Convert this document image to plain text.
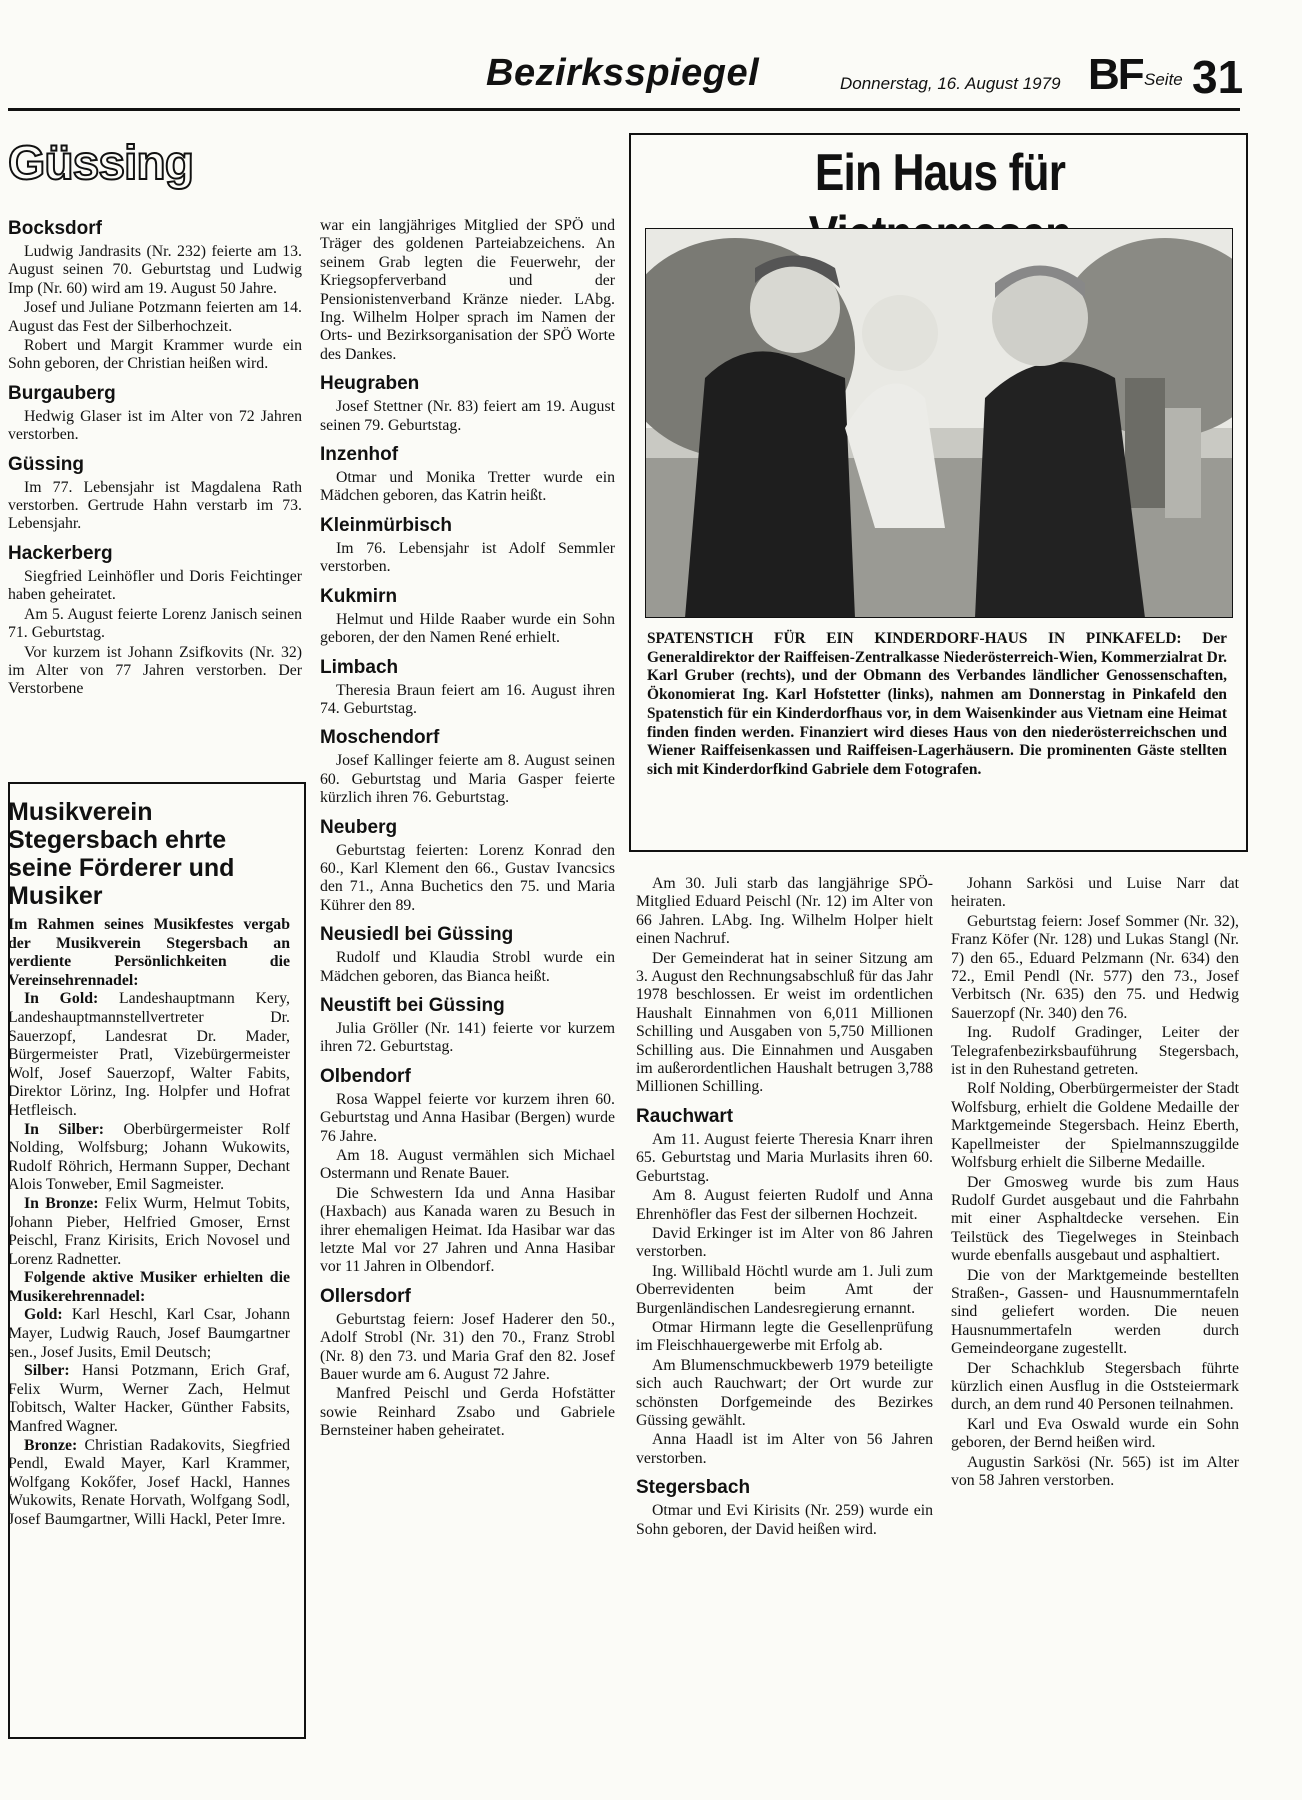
Bezirksspiegel	Donnerstag, 16. August 1979 BF Seite 31
Güssing
Bocksdorf

Ludwig Jandrasits (Nr. 232) feierte am 13. August seinen 70. Geburtstag und Ludwig Imp (Nr. 60) wird am 19. August 50 Jahre.

Josef und Juliane Potzmann feierten am 14. August das Fest der Silberhochzeit.

Robert und Margit Krammer wurde ein Sohn geboren, der Christian heißen wird.

Burgauberg

Hedwig Glaser ist im Alter von 72 Jahren verstorben.

Güssing

Im 77. Lebensjahr ist Magdalena Rath verstorben. Gertrude Hahn verstarb im 73. Lebensjahr.

Hackerberg

Siegfried Leinhöfler und Doris Feichtinger haben geheiratet.

Am 5. August feierte Lorenz Janisch seinen 71. Geburtstag.

Vor kurzem ist Johann Zsifkovits (Nr. 32) im Alter von 77 Jahren verstorben. Der Verstorbene

Musikverein Stegersbach ehrte seine Förderer und Musiker

Im Rahmen seines Musikfestes vergab der Musikverein Stegersbach an verdiente Persönlichkeiten die Vereinsehrennadel:

In Gold: Landeshauptmann Kery, Landeshauptmannstellvertreter Dr. Sauerzopf, Landesrat Dr. Mader, Bürgermeister Pratl, Vizebürgermeister Wolf, Josef Sauerzopf, Walter Fabits, Direktor Lörinz, Ing. Holpfer und Hofrat Hetfleisch.

In Silber: Oberbürgermeister Rolf Nolding, Wolfsburg; Johann Wukowits, Rudolf Röhrich, Hermann Supper, Dechant Alois Tonweber, Emil Sagmeister.

In Bronze: Felix Wurm, Helmut Tobits, Johann Pieber, Helfried Gmoser, Ernst Peischl, Franz Kirisits, Erich Novosel und Lorenz Radnetter.

Folgende aktive Musiker erhielten die Musikerehrennadel:

Gold: Karl Heschl, Karl Csar, Johann Mayer, Ludwig Rauch, Josef Baumgartner sen., Josef Jusits, Emil Deutsch;

Silber: Hansi Potzmann, Erich Graf, Felix Wurm, Werner Zach, Helmut Tobitsch, Walter Hacker, Günther Fabsits, Manfred Wagner.

Bronze: Christian Radakovits, Siegfried Pendl, Ewald Mayer, Karl Krammer, Wolfgang Kokőfer, Josef Hackl, Hannes Wukowits, Renate Horvath, Wolfgang Sodl, Josef Baumgartner, Willi Hackl, Peter Imre.

war ein langjähriges Mitglied der SPÖ und Träger des goldenen Parteiabzeichens. An seinem Grab legten die Feuerwehr, der Kriegsopferverband und der Pensionistenverband Kränze nieder. LAbg. Ing. Wilhelm Holper sprach im Namen der Orts- und Bezirksorganisation der SPÖ Worte des Dankes.

Heugraben

Josef Stettner (Nr. 83) feiert am 19. August seinen 79. Geburtstag.

Inzenhof

Otmar und Monika Tretter wurde ein Mädchen geboren, das Katrin heißt.

Kleinmürbisch

Im 76. Lebensjahr ist Adolf Semmler verstorben.

Kukmirn

Helmut und Hilde Raaber wurde ein Sohn geboren, der den Namen René erhielt.

Limbach

Theresia Braun feiert am 16. August ihren 74. Geburtstag.

Moschendorf

Josef Kallinger feierte am 8. August seinen 60. Geburtstag und Maria Gasper feierte kürzlich ihren 76. Geburtstag.

Neuberg

Geburtstag feierten: Lorenz Konrad den 60., Karl Klement den 66., Gustav Ivancsics den 71., Anna Buchetics den 75. und Maria Kührer den 89.

Neusiedl bei Güssing

Rudolf und Klaudia Strobl wurde ein Mädchen geboren, das Bianca heißt.

Neustift bei Güssing

Julia Gröller (Nr. 141) feierte vor kurzem ihren 72. Geburtstag.

Olbendorf

Rosa Wappel feierte vor kurzem ihren 60. Geburtstag und Anna Hasibar (Bergen) wurde 76 Jahre.

Am 18. August vermählen sich Michael Ostermann und Renate Bauer.

Die Schwestern Ida und Anna Hasibar (Haxbach) aus Kanada waren zu Besuch in ihrer ehemaligen Heimat. Ida Hasibar war das letzte Mal vor 27 Jahren und Anna Hasibar vor 11 Jahren in Olbendorf.

Ollersdorf

Geburtstag feiern: Josef Haderer den 50., Adolf Strobl (Nr. 31) den 70., Franz Strobl (Nr. 8) den 73. und Maria Graf den 82. Josef Bauer wurde am 6. August 72 Jahre.

Manfred Peischl und Gerda Hofstätter sowie Reinhard Zsabo und Gabriele Bernsteiner haben geheiratet.

Ein Haus für
SPATENSTICH FÜR EIN KINDERDORF-HAUS IN PINKAFELD: Der Generaldirektor der Raiffeisen-Zentralkasse Niederösterreich-Wien, Kommerzialrat Dr. Karl Gruber (rechts), und der Obmann des Verbandes ländlicher Genossenschaften, Ökonomierat Ing. Karl Hofstetter (links), nahmen am Donnerstag in Pinkafeld den Spatenstich für ein Kinderdorfhaus vor, in dem Waisenkinder aus Vietnam eine Heimat finden finden werden. Finanziert wird dieses Haus von den niederösterreichschen und Wiener Raiffeisenkassen und Raiffeisen-Lagerhäusern. Die prominenten Gäste stellten sich mit Kinderdorfkind Gabriele dem Fotografen.

Am 30. Juli starb das langjährige SPÖ-Mitglied Eduard Peischl (Nr. 12) im Alter von 66 Jahren. LAbg. Ing. Wilhelm Holper hielt einen Nachruf.

Der Gemeinderat hat in seiner Sitzung am 3. August den Rechnungsabschluß für das Jahr 1978 beschlossen. Er weist im ordentlichen Haushalt Einnahmen von 6,011 Millionen Schilling und Ausgaben von 5,750 Millionen Schilling aus. Die Einnahmen und Ausgaben im außerordentlichen Haushalt betrugen 3,788 Millionen Schilling.

Rauchwart

Am 11. August feierte Theresia Knarr ihren 65. Geburtstag und Maria Murlasits ihren 60. Geburtstag.

Am 8. August feierten Rudolf und Anna Ehrenhöfler das Fest der silbernen Hochzeit.

David Erkinger ist im Alter von 86 Jahren verstorben.

Ing. Willibald Höchtl wurde am 1. Juli zum Oberrevidenten beim Amt der Burgenländischen Landesregierung ernannt.

Otmar Hirmann legte die Gesellenprüfung im Fleischhauergewerbe mit Erfolg ab.

Am Blumenschmuckbewerb 1979 beteiligte sich auch Rauchwart; der Ort wurde zur schönsten Dorfgemeinde des Bezirkes Güssing gewählt.

Anna Haadl ist im Alter von 56 Jahren verstorben.

Stegersbach

Otmar und Evi Kirisits (Nr. 259) wurde ein Sohn geboren, der David heißen wird.

Johann Sarkösi und Luise Narr dat heiraten.

Geburtstag feiern: Josef Sommer (Nr. 32), Franz Köfer (Nr. 128) und Lukas Stangl (Nr. 7) den 65., Eduard Pelzmann (Nr. 634) den 72., Emil Pendl (Nr. 577) den 73., Josef Verbitsch (Nr. 635) den 75. und Hedwig Sauerzopf (Nr. 340) den 76.

Ing. Rudolf Gradinger, Leiter der Telegrafenbezirksbauführung Stegersbach, ist in den Ruhestand getreten.

Rolf Nolding, Oberbürgermeister der Stadt Wolfsburg, erhielt die Goldene Medaille der Marktgemeinde Stegersbach. Heinz Eberth, Kapellmeister der Spielmannszuggilde Wolfsburg erhielt die Silberne Medaille.

Der Gmosweg wurde bis zum Haus Rudolf Gurdet ausgebaut und die Fahrbahn mit einer Asphaltdecke versehen. Ein Teilstück des Tiegelweges in Steinbach wurde ebenfalls ausgebaut und asphaltiert.

Die von der Marktgemeinde bestellten Straßen-, Gassen- und Hausnummerntafeln sind geliefert worden. Die neuen Hausnummertafeln werden durch Gemeindeorgane zugestellt.

Der Schachklub Stegersbach führte kürzlich einen Ausflug in die Oststeiermark durch, an dem rund 40 Personen teilnahmen.

Karl und Eva Oswald wurde ein Sohn geboren, der Bernd heißen wird.

Augustin Sarkösi (Nr. 565) ist im Alter von 58 Jahren verstorben.
